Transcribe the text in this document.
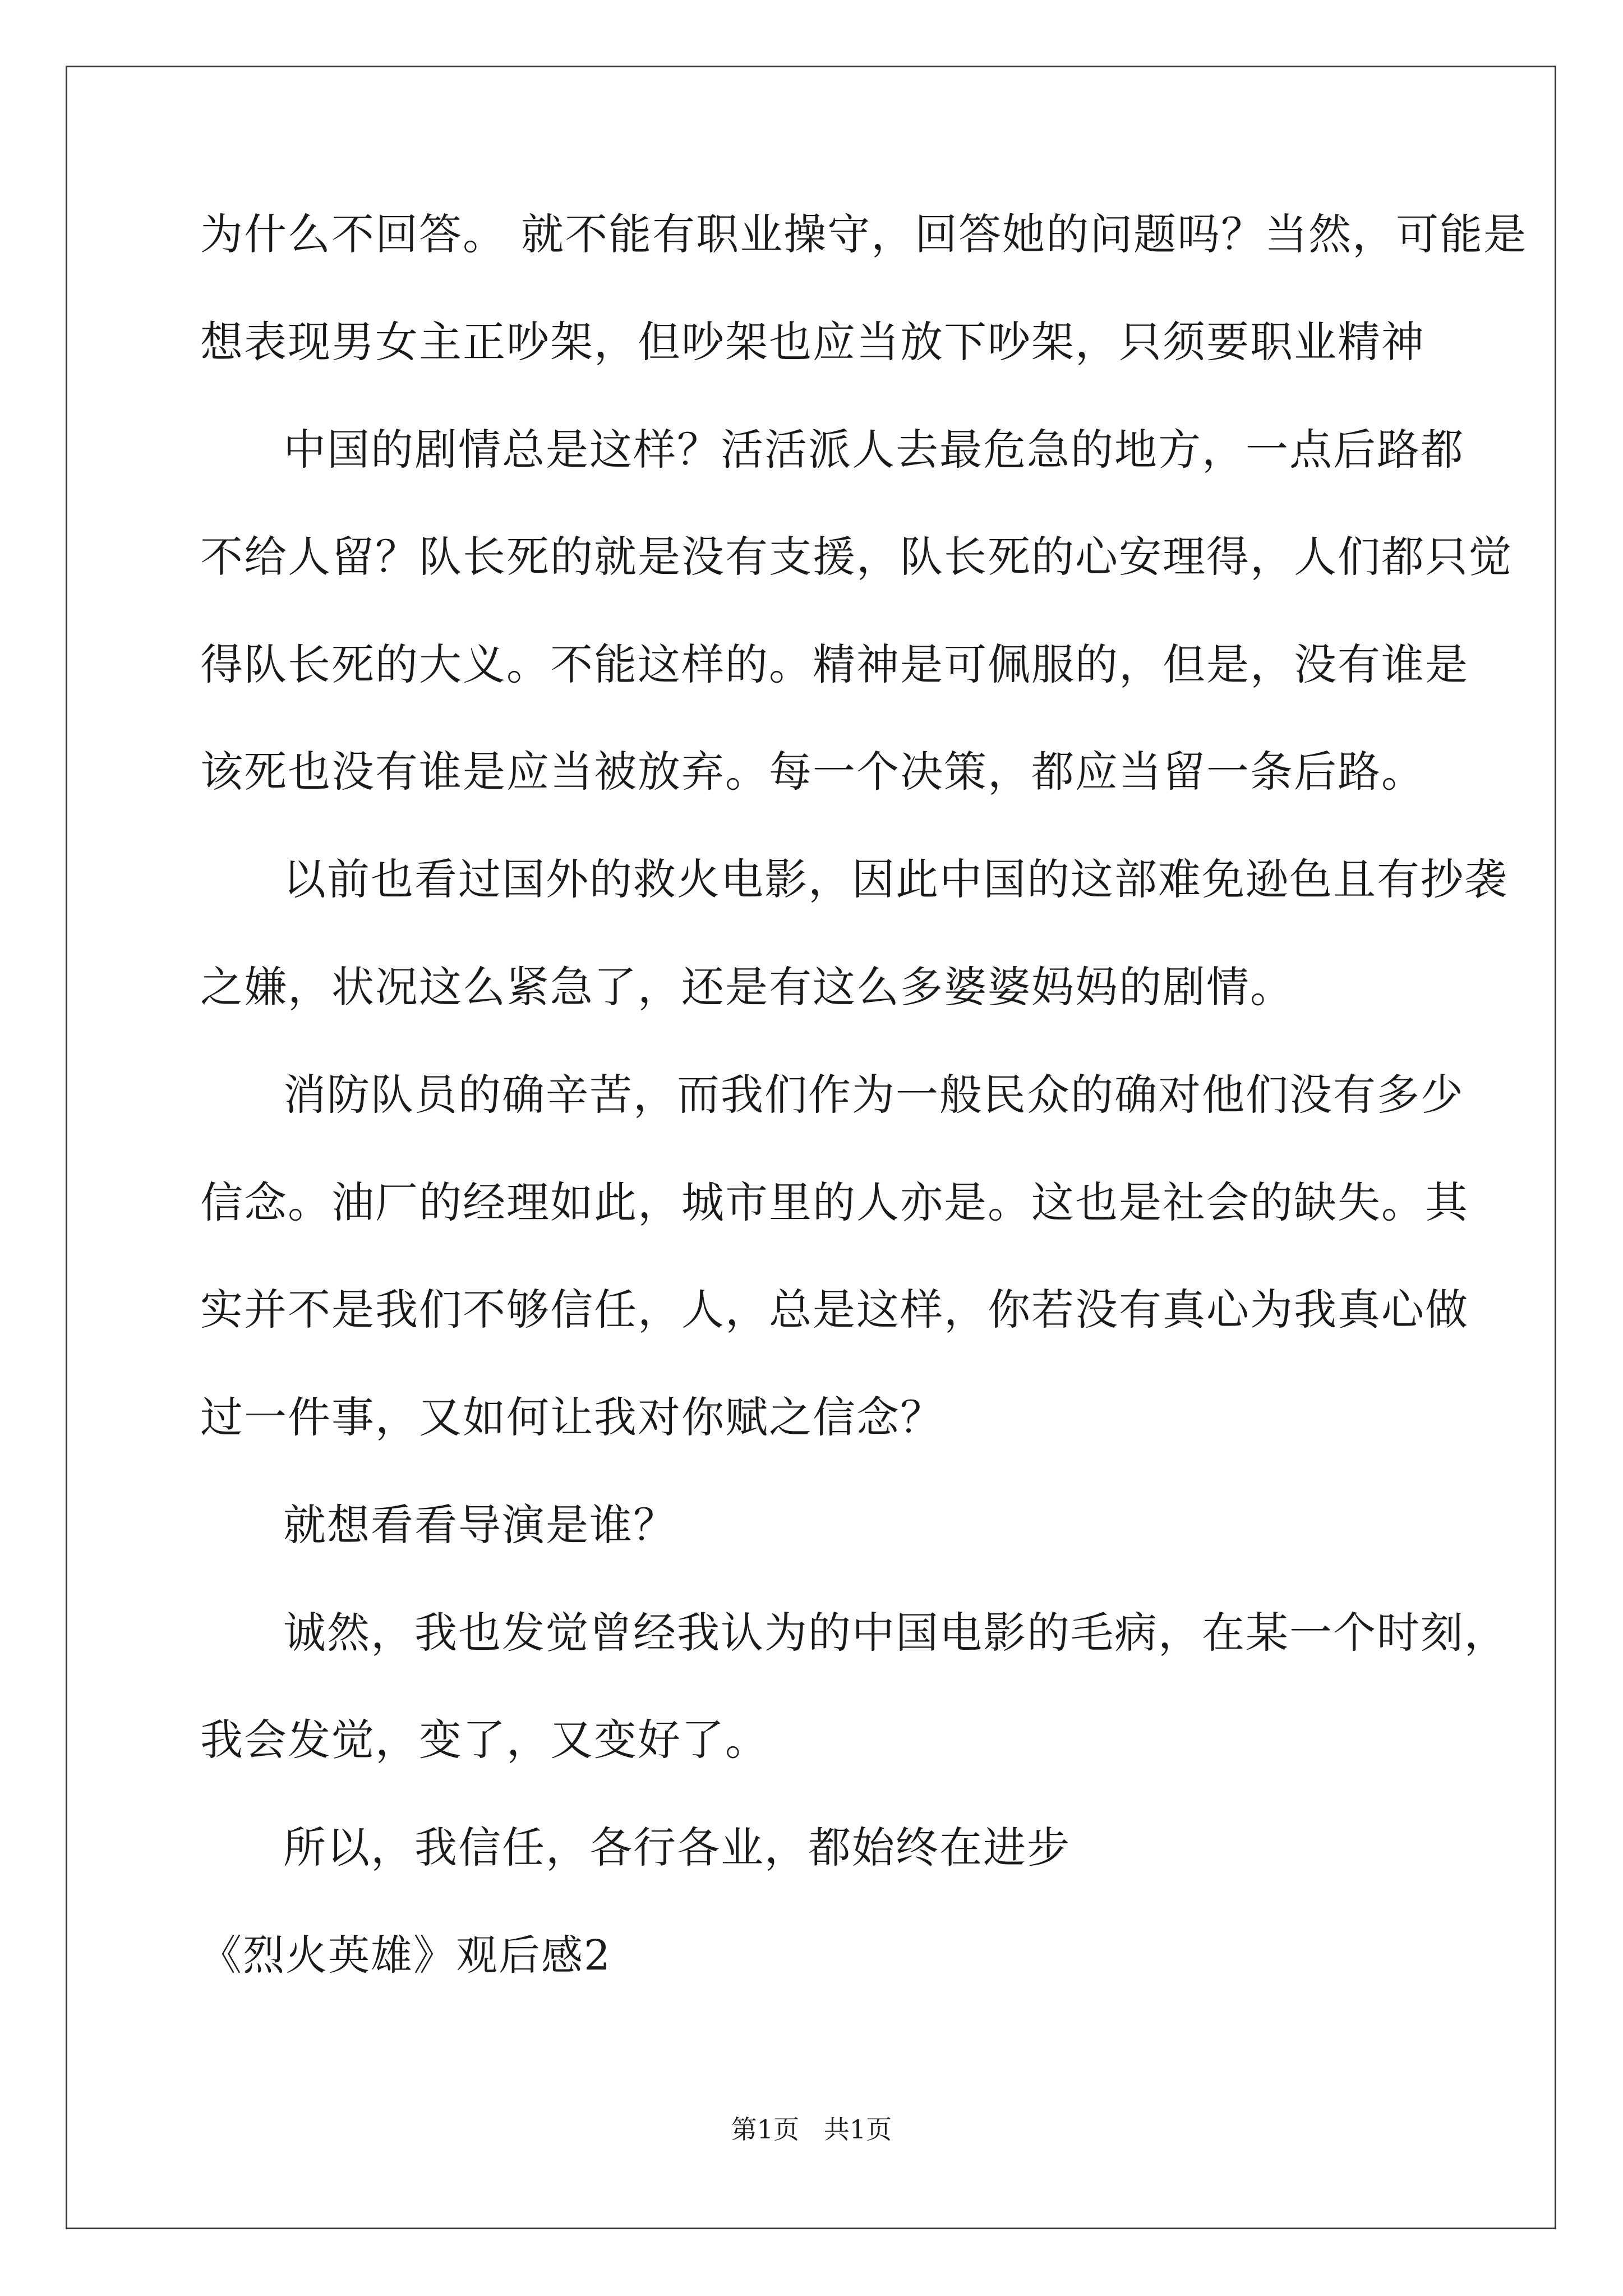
为什么不回答。 就不能有职业操守，回答她的问题吗？当然，可能是
想表现男女主正吵架，但吵架也应当放下吵架，只须要职业精神
中国的剧情总是这样？活活派人去最危急的地方，一点后路都
不给人留？队长死的就是没有支援，队长死的心安理得，人们都只觉
得队长死的大义。不能这样的。精神是可佩服的，但是，没有谁是
该死也没有谁是应当被放弃。每一个决策，都应当留一条后路。
以前也看过国外的救火电影，因此中国的这部难免逊色且有抄袭
之嫌，状况这么紧急了，还是有这么多婆婆妈妈的剧情。
消防队员的确辛苦，而我们作为一般民众的确对他们没有多少
信念。油厂的经理如此，城市里的人亦是。这也是社会的缺失。其
实并不是我们不够信任，人，总是这样，你若没有真心为我真心做
过一件事，又如何让我对你赋之信念？
就想看看导演是谁？
诚然，我也发觉曾经我认为的中国电影的毛病，在某一个时刻，
我会发觉，变了，又变好了。
所以，我信任，各行各业，都始终在进步
《烈火英雄》观后感2
第1页   共1页
